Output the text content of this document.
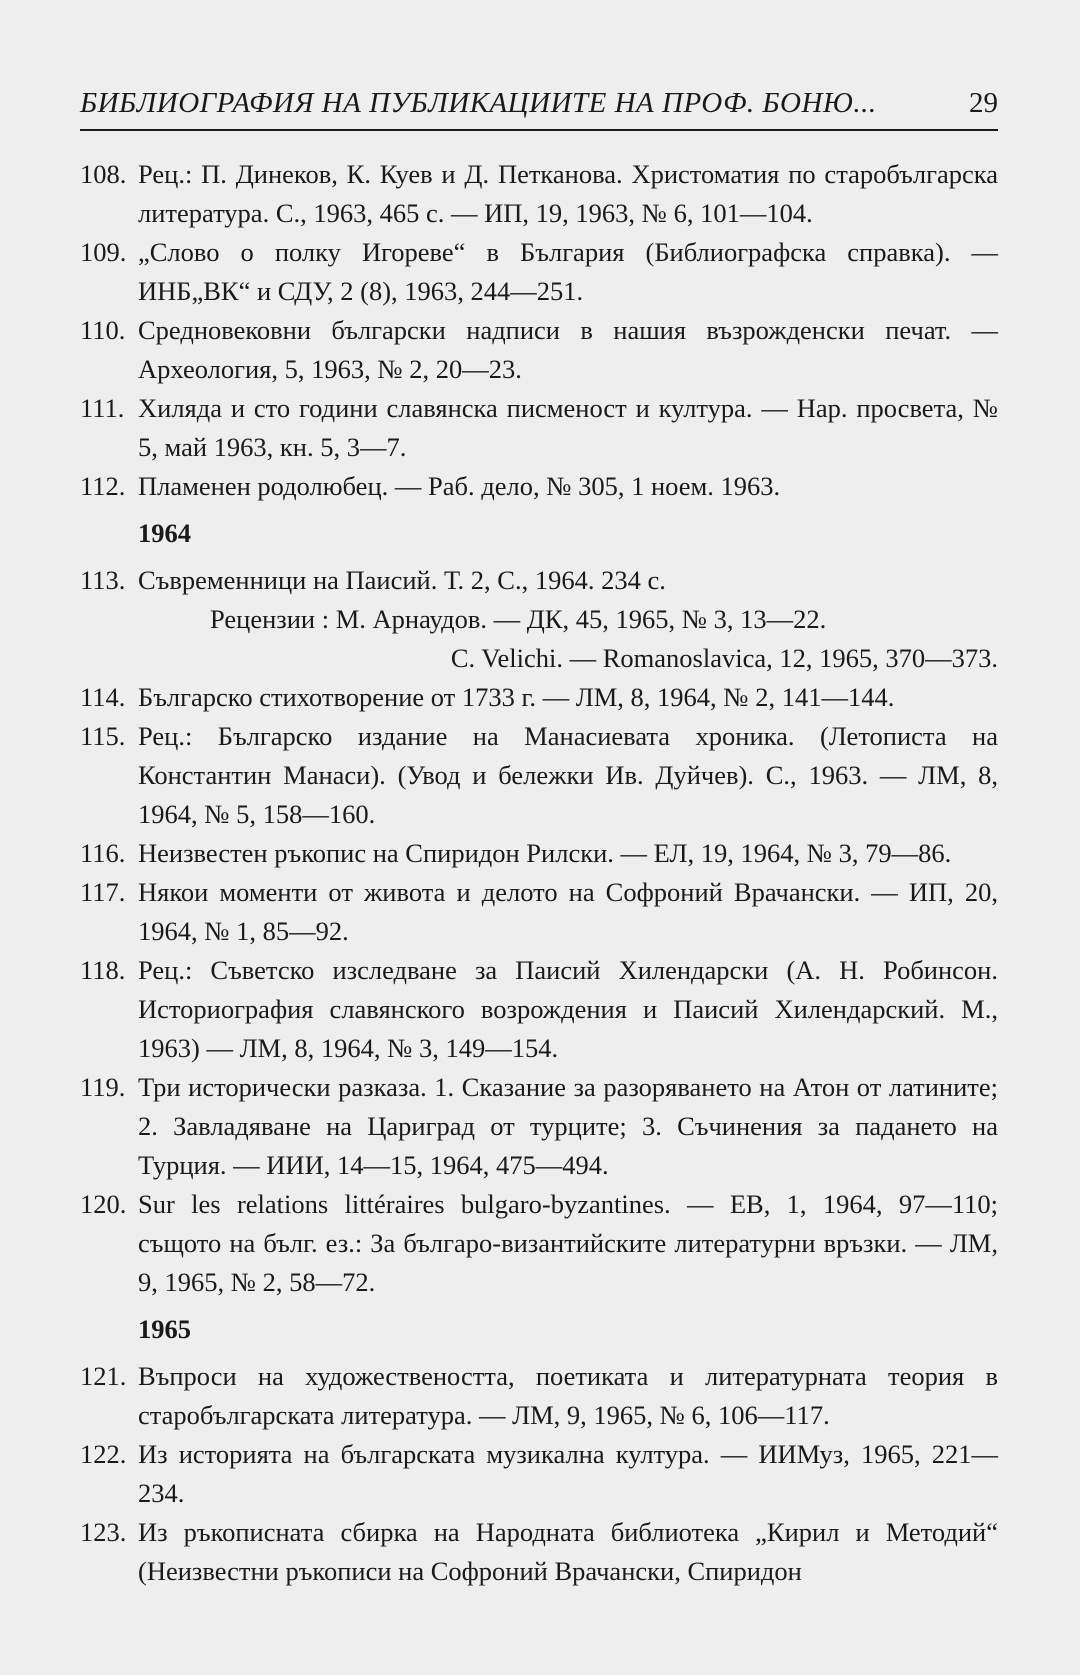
БИБЛИОГРАФИЯ НА ПУБЛИКАЦИИТЕ НА ПРОФ. БОНЮ...	29

108. Рец.: П. Динеков, К. Куев и Д. Петканова. Христоматия по старобългарска литература. С., 1963, 465 с. — ИП, 19, 1963, № 6, 101—104.

109. „Слово о полку Игореве“ в България (Библиографска справка). — ИНБ„ВК“ и СДУ, 2 (8), 1963, 244—251.

110. Средновековни български надписи в нашия възрожденски печат. — Археология, 5, 1963, № 2, 20—23.

111. Хиляда и сто години славянска писменост и култура. — Нар. просвета, № 5, май 1963, кн. 5, 3—7.

112. Пламенен родолюбец. — Раб. дело, № 305, 1 ноем. 1963.

1964

113. Съвременници на Паисий. Т. 2, С., 1964. 234 с.

Рецензии : М. Арнаудов. — ДК, 45, 1965, № 3, 13—22.

C. Velichi. — Romanoslavica, 12, 1965, 370—373.

114. Българско стихотворение от 1733 г. — ЛМ, 8, 1964, № 2, 141—144.

115. Рец.: Българско издание на Манасиевата хроника. (Летописта на Константин Манаси). (Увод и бележки Ив. Дуйчев). С., 1963. — ЛМ, 8, 1964, № 5, 158—160.

116. Неизвестен ръкопис на Спиридон Рилски. — ЕЛ, 19, 1964, № 3, 79—86.

117. Някои моменти от живота и делото на Софроний Врачански. — ИП, 20, 1964, № 1, 85—92.

118. Рец.: Съветско изследване за Паисий Хилендарски (А. Н. Робинсон. Историография славянского возрождения и Паисий Хилендарский. М., 1963) — ЛМ, 8, 1964, № 3, 149—154.

119. Три исторически разказа. 1. Сказание за разоряването на Атон от латините; 2. Завладяване на Цариград от турците; 3. Съчинения за падането на Турция. — ИИИ, 14—15, 1964, 475—494.

120. Sur les relations littéraires bulgaro-byzantines. — EB, 1, 1964, 97—110; същото на бълг. ез.: За българо-византийските литературни връзки. — ЛМ, 9, 1965, № 2, 58—72.

1965

121. Въпроси на художествеността, поетиката и литературната теория в старобългарската литература. — ЛМ, 9, 1965, № 6, 106—117.

122. Из историята на българската музикална култура. — ИИМуз, 1965, 221—234.

123. Из ръкописната сбирка на Народната библиотека „Кирил и Методий“ (Неизвестни ръкописи на Софроний Врачански, Спиридон
